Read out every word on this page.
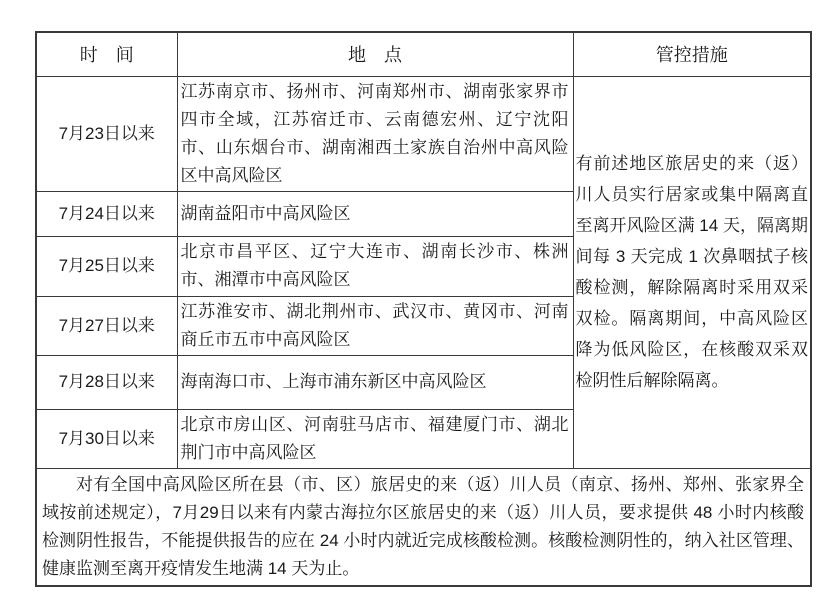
时　间	地　点	管控措施
7月23日以来	江苏南京市、扬州市、河南郑州市、湖南张家界市四市全域，江苏宿迁市、云南德宏州、辽宁沈阳市、山东烟台市、湖南湘西土家族自治州中高风险区中高风险区	有前述地区旅居史的来（返）川人员实行居家或集中隔离直至离开风险区满 14 天，隔离期间每 3 天完成 1 次鼻咽拭子核酸检测，解除隔离时采用双采双检。隔离期间，中高风险区降为低风险区，在核酸双采双检阴性后解除隔离。
7月24日以来	湖南益阳市中高风险区	
7月25日以来	北京市昌平区、辽宁大连市、湖南长沙市、株洲市、湘潭市中高风险区	
7月27日以来	江苏淮安市、湖北荆州市、武汉市、黄冈市、河南商丘市五市中高风险区	
7月28日以来	海南海口市、上海市浦东新区中高风险区	
7月30日以来	北京市房山区、河南驻马店市、福建厦门市、湖北荆门市中高风险区	
对有全国中高风险区所在县（市、区）旅居史的来（返）川人员（南京、扬州、郑州、张家界全域按前述规定），7月29日以来有内蒙古海拉尔区旅居史的来（返）川人员，要求提供 48 小时内核酸检测阴性报告，不能提供报告的应在 24 小时内就近完成核酸检测。核酸检测阴性的，纳入社区管理、健康监测至离开疫情发生地满 14 天为止。		
